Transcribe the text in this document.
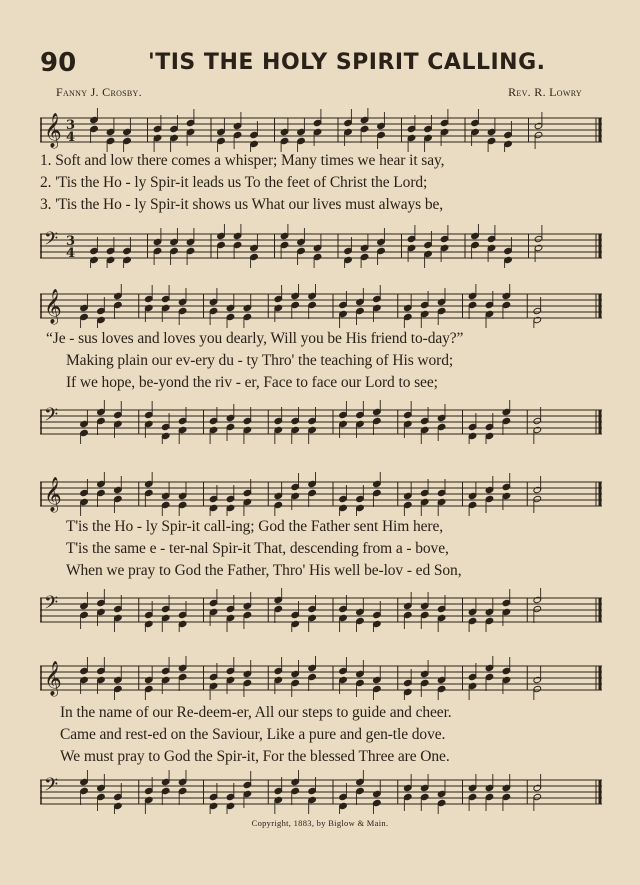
90	'TIS THE HOLY SPIRIT CALLING.
Fanny J. Crosby.	Rev. R. Lowry
𝄞 3
4
1. Soft and low there comes a whisper; Many times we hear it say,
2. 'Tis the Ho - ly Spir-it leads us To the feet of Christ the Lord;
3. 'Tis the Ho - ly Spir-it shows us What our lives must always be,
𝄢 3
4
𝄞
“Je - sus loves and loves you dearly, Will you be His friend to-day?”
Making plain our ev-ery du - ty Thro' the teaching of His word;
If we hope, be-yond the riv - er, Face to face our Lord to see;
𝄢
𝄞
T'is the Ho - ly Spir-it call-ing; God the Father sent Him here,
T'is the same e - ter-nal Spir-it That, descending from a - bove,
When we pray to God the Father, Thro' His well be-lov - ed Son,
𝄢
𝄞
In the name of our Re-deem-er, All our steps to guide and cheer.
Came and rest-ed on the Saviour, Like a pure and gen-tle dove.
We must pray to God the Spir-it, For the blessed Three are One.
𝄢
Copyright, 1883, by Biglow & Main.
